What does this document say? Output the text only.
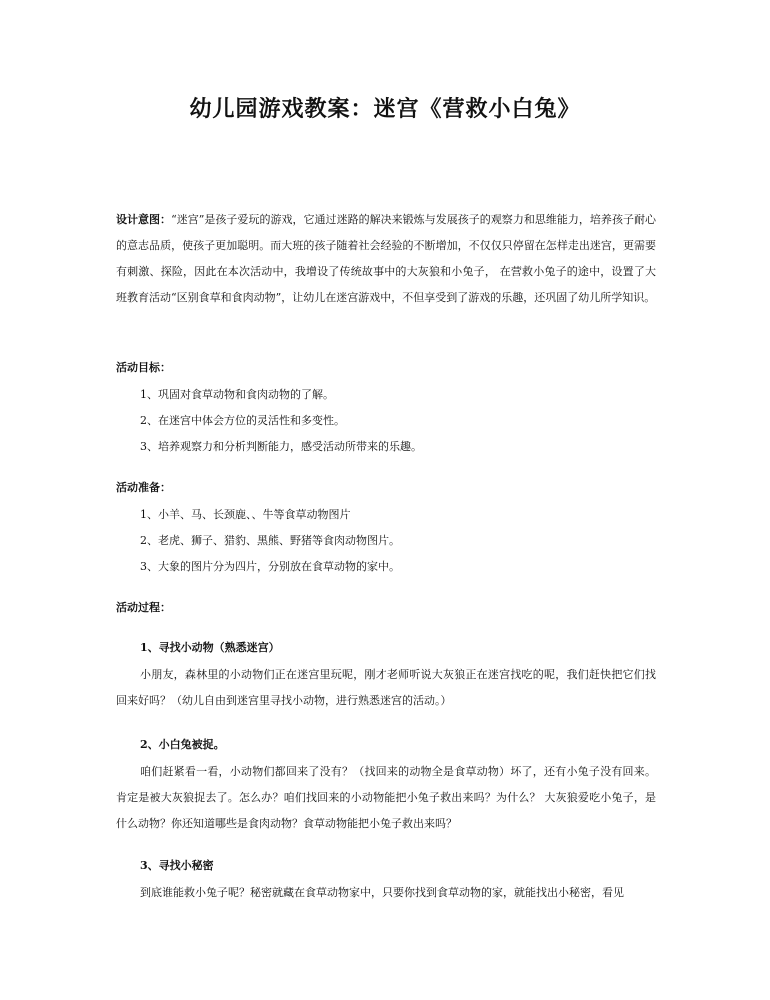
幼儿园游戏教案：迷宫《营救小白兔》

设计意图：“迷宫”是孩子爱玩的游戏，它通过迷路的解决来锻炼与发展孩子的观察力和思维能力，培养孩子耐心的意志品质，使孩子更加聪明。而大班的孩子随着社会经验的不断增加，不仅仅只停留在怎样走出迷宫，更需要有刺激、探险，因此在本次活动中，我增设了传统故事中的大灰狼和小兔子， 在营救小兔子的途中，设置了大班教育活动“区别食草和食肉动物”，让幼儿在迷宫游戏中，不但享受到了游戏的乐趣，还巩固了幼儿所学知识。

活动目标：

1、巩固对食草动物和食肉动物的了解。

2、在迷宫中体会方位的灵活性和多变性。

3、培养观察力和分析判断能力，感受活动所带来的乐趣。

活动准备：

1、小羊、马、长颈鹿、、牛等食草动物图片

2、老虎、狮子、猎豹、黑熊、野猪等食肉动物图片。

3、大象的图片分为四片，分别放在食草动物的家中。

活动过程：

1、寻找小动物（熟悉迷宫）

小朋友，森林里的小动物们正在迷宫里玩呢，刚才老师听说大灰狼正在迷宫找吃的呢，我们赶快把它们找回来好吗？（幼儿自由到迷宫里寻找小动物，进行熟悉迷宫的活动。）

2、小白兔被捉。

咱们赶紧看一看，小动物们都回来了没有？（找回来的动物全是食草动物）坏了，还有小兔子没有回来。肯定是被大灰狼捉去了。怎么办？咱们找回来的小动物能把小兔子救出来吗？为什么？ 大灰狼爱吃小兔子，是什么动物？你还知道哪些是食肉动物？食草动物能把小兔子救出来吗？

3、寻找小秘密

到底谁能救小兔子呢？秘密就藏在食草动物家中，只要你找到食草动物的家，就能找出小秘密，看见
